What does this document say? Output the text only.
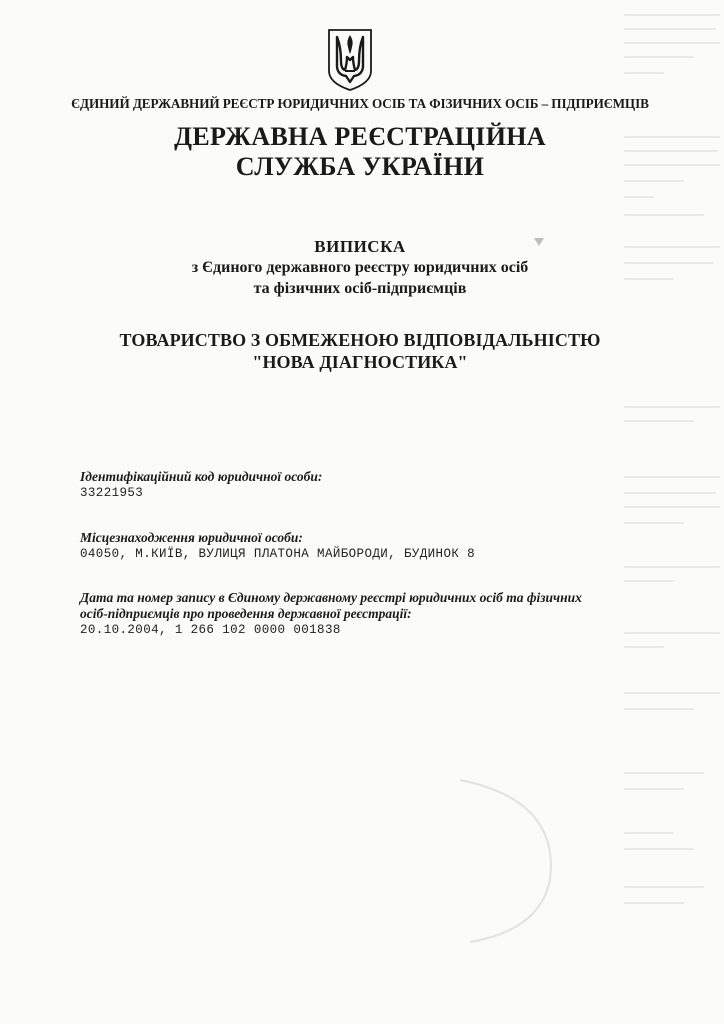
ЄДИНИЙ ДЕРЖАВНИЙ РЕЄСТР ЮРИДИЧНИХ ОСІБ ТА ФІЗИЧНИХ ОСІБ – ПІДПРИЄМЦІВ
ДЕРЖАВНА РЕЄСТРАЦІЙНА
СЛУЖБА УКРАЇНИ
ВИПИСКА
з Єдиного державного реєстру юридичних осіб
та фізичних осіб-підприємців
ТОВАРИСТВО З ОБМЕЖЕНОЮ ВІДПОВІДАЛЬНІСТЮ
"НОВА ДІАГНОСТИКА"
Ідентифікаційний код юридичної особи:
33221953
Місцезнаходження юридичної особи:
04050, М.КИЇВ, ВУЛИЦЯ ПЛАТОНА МАЙБОРОДИ, БУДИНОК 8
Дата та номер запису в Єдиному державному реєстрі юридичних осіб та фізичних
осіб-підприємців про проведення державної реєстрації:
20.10.2004, 1 266 102 0000 001838
